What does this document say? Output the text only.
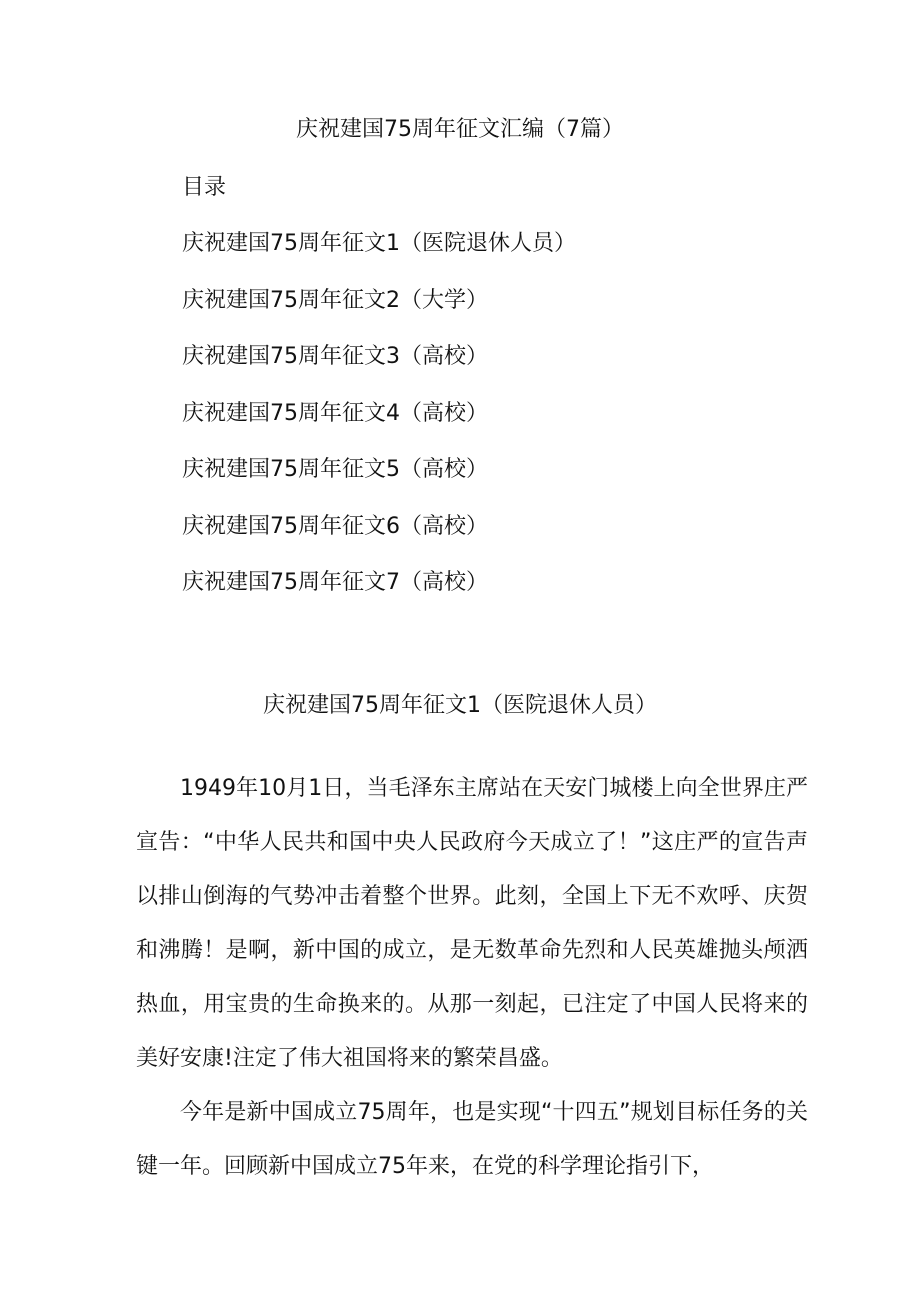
庆祝建国75周年征文汇编（7篇）
目录
庆祝建国75周年征文1（医院退休人员）
庆祝建国75周年征文2（大学）
庆祝建国75周年征文3（高校）
庆祝建国75周年征文4（高校）
庆祝建国75周年征文5（高校）
庆祝建国75周年征文6（高校）
庆祝建国75周年征文7（高校）
庆祝建国75周年征文1（医院退休人员）

1949年10月1日，当毛泽东主席站在天安门城楼上向全世界庄严宣告：“中华人民共和国中央人民政府今天成立了！”这庄严的宣告声以排山倒海的气势冲击着整个世界。此刻，全国上下无不欢呼、庆贺和沸腾！是啊，新中国的成立，是无数革命先烈和人民英雄抛头颅洒热血，用宝贵的生命换来的。从那一刻起，已注定了中国人民将来的美好安康!注定了伟大祖国将来的繁荣昌盛。

今年是新中国成立75周年，也是实现“十四五”规划目标任务的关键一年。回顾新中国成立75年来，在党的科学理论指引下，
